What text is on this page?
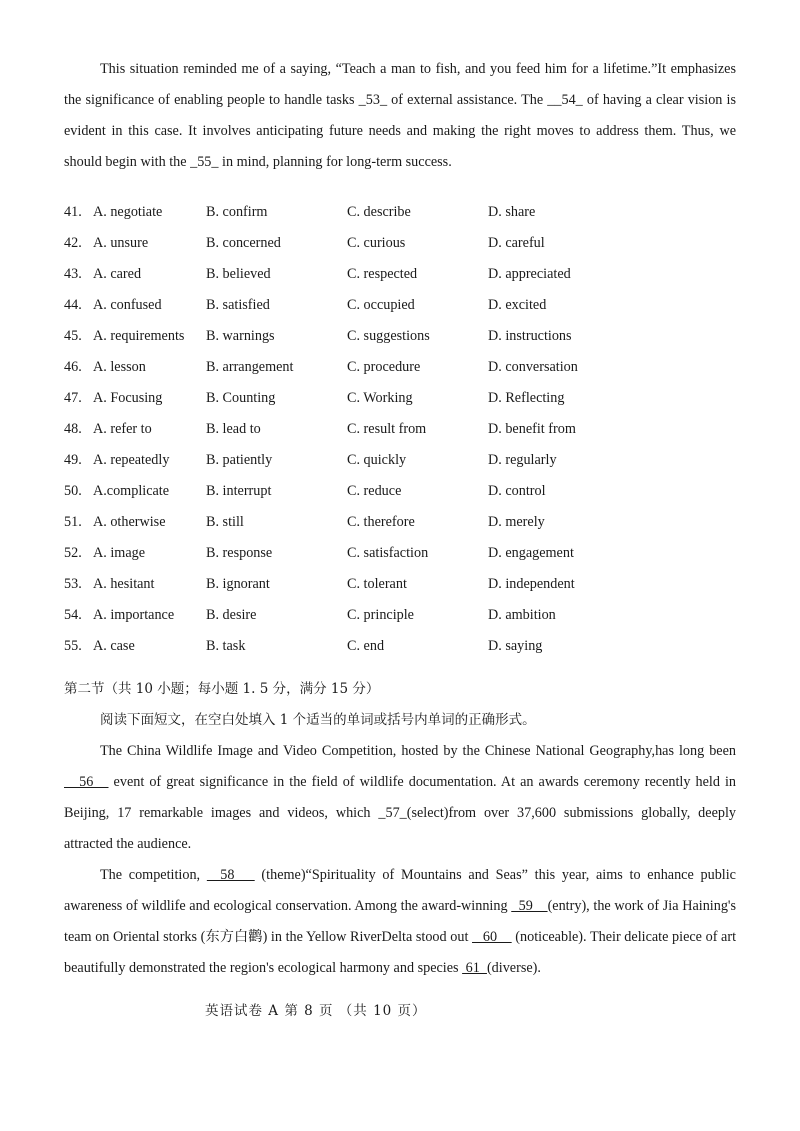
This situation reminded me of a saying, “Teach a man to fish, and you feed him for a lifetime.”It emphasizes the significance of enabling people to handle tasks _53_ of external assistance. The __54_ of having a clear vision is evident in this case. It involves anticipating future needs and making the right moves to address them. Thus, we should begin with the _55_ in mind, planning for long-term success.

41. A. negotiate	B. confirm	C. describe	D. share
42. A. unsure	B. concerned	C. curious	D. careful
43. A. cared	B. believed	C. respected	D. appreciated
44. A. confused	B. satisfied	C. occupied	D. excited
45. A. requirements B. warnings	C. suggestions	D. instructions
46. A. lesson	B. arrangement	C. procedure	D. conversation
47. A. Focusing	B. Counting	C. Working	D. Reflecting
48. A. refer to	B. lead to	C. result from	D. benefit from
49. A. repeatedly	B. patiently	C. quickly	D. regularly
50. A.complicate	B. interrupt	C. reduce	D. control
51. A. otherwise	B. still	C. therefore	D. merely
52. A. image	B. response	C. satisfaction	D. engagement
53. A. hesitant	B. ignorant	C. tolerant	D. independent
54. A. importance B. desire	C. principle	D. ambition
55. A. case	B. task	C. end	D. saying
第二节（共 10 小题；每小题 1. 5 分，满分 15 分）
阅读下面短文，在空白处填入 1 个适当的单词或括号内单词的正确形式。

The China Wildlife Image and Video Competition, hosted by the Chinese National Geography,has long been    56    event of great significance in the field of wildlife documentation. At an awards ceremony recently held in Beijing, 17 remarkable images and videos, which _57_(select)from over 37,600 submissions globally, deeply attracted the audience.

The competition,   58    (theme)“Spirituality of Mountains and Seas” this year, aims to enhance public awareness of wildlife and ecological conservation. Among the award-winning   59    (entry), the work of Jia Haining's team on Oriental storks (东方白鹳) in the Yellow RiverDelta stood out    60     (noticeable). Their delicate piece of art beautifully demonstrated the region's ecological harmony and species  61  (diverse).

英语试卷 A 第 8 页 （共 10 页）
